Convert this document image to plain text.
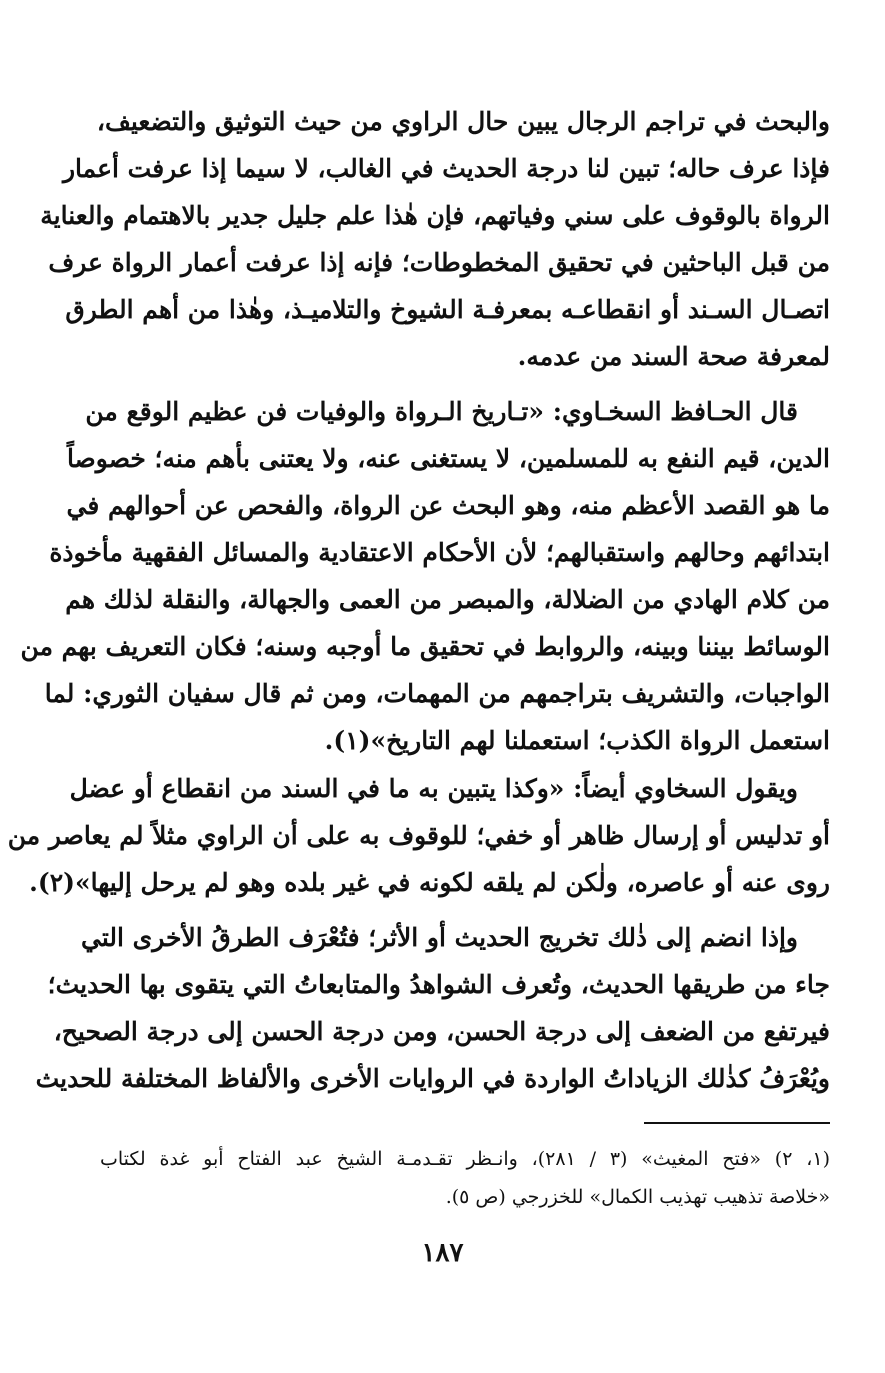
والبحث في تراجم الرجال يبين حال الراوي من حيث التوثيق والتضعيف،
فإذا عرف حاله؛ تبين لنا درجة الحديث في الغالب، لا سيما إذا عرفت أعمار
الرواة بالوقوف على سني وفياتهم، فإن هٰذا علم جليل جدير بالاهتمام والعناية
من قبل الباحثين في تحقيق المخطوطات؛ فإنه إذا عرفت أعمار الرواة عرف
اتصـال السـند أو انقطاعـه بمعرفـة الشيوخ والتلاميـذ، وهٰذا من أهم الطرق
لمعرفة صحة السند من عدمه.
قال الحـافظ السخـاوي: «تـاريخ الـرواة والوفيات فن عظيم الوقع من
الدين، قيم النفع به للمسلمين، لا يستغنى عنه، ولا يعتنى بأهم منه؛ خصوصاً
ما هو القصد الأعظم منه، وهو البحث عن الرواة، والفحص عن أحوالهم في
ابتدائهم وحالهم واستقبالهم؛ لأن الأحكام الاعتقادية والمسائل الفقهية مأخوذة
من كلام الهادي من الضلالة، والمبصر من العمى والجهالة، والنقلة لذلك هم
الوسائط بيننا وبينه، والروابط في تحقيق ما أوجبه وسنه؛ فكان التعريف بهم من
الواجبات، والتشريف بتراجمهم من المهمات، ومن ثم قال سفيان الثوري: لما
استعمل الرواة الكذب؛ استعملنا لهم التاريخ»(١).
ويقول السخاوي أيضاً: «وكذا يتبين به ما في السند من انقطاع أو عضل
أو تدليس أو إرسال ظاهر أو خفي؛ للوقوف به على أن الراوي مثلاً لم يعاصر من
روى عنه أو عاصره، ولٰكن لم يلقه لكونه في غير بلده وهو لم يرحل إليها»(٢).
وإذا انضم إلى ذٰلك تخريج الحديث أو الأثر؛ فتُعْرَف الطرقُ الأخرى التي
جاء من طريقها الحديث، وتُعرف الشواهدُ والمتابعاتُ التي يتقوى بها الحديث؛
فيرتفع من الضعف إلى درجة الحسن، ومن درجة الحسن إلى درجة الصحيح،
ويُعْرَفُ كذٰلك الزياداتُ الواردة في الروايات الأخرى والألفاظ المختلفة للحديث
(١، ٢) «فتح المغيث» (٣ / ٢٨١)، وانـظر تقـدمـة الشيخ عبد الفتاح أبو غدة لكتاب
«خلاصة تذهيب تهذيب الكمال» للخزرجي (ص ٥).
١٨٧
